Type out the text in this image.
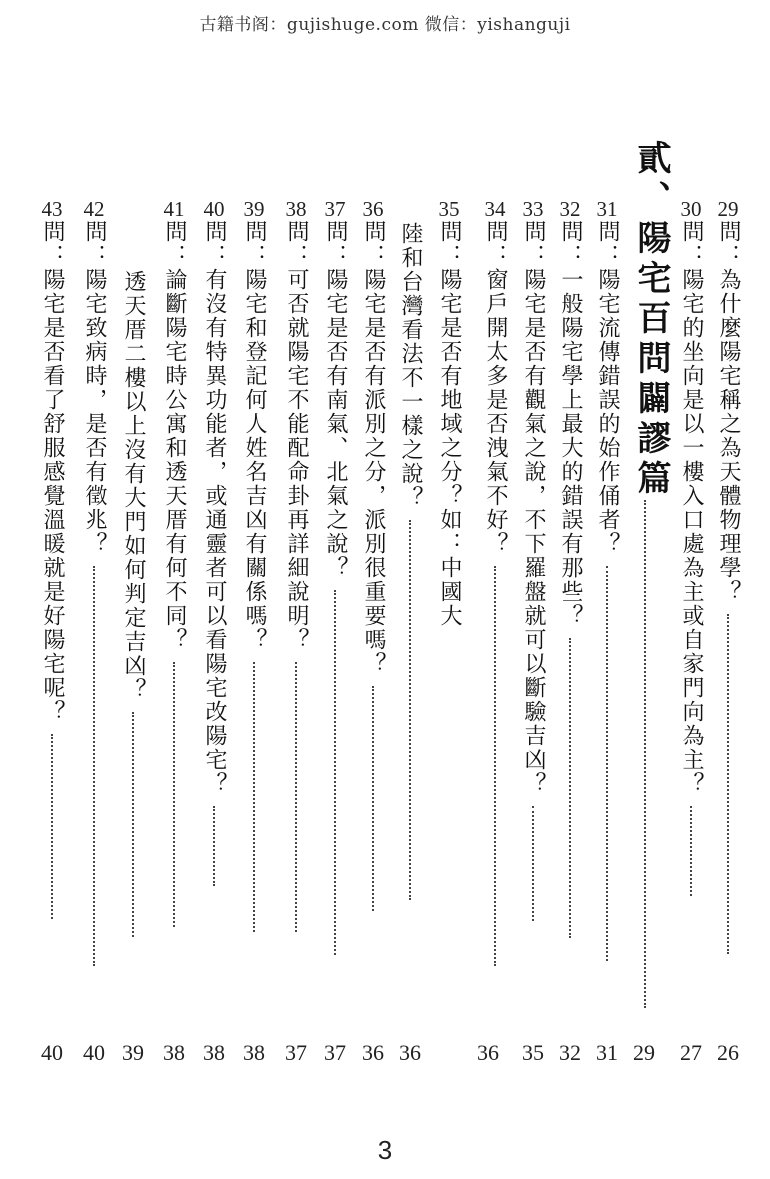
古籍书阁：gujishuge.com 微信：yishanguji
29
問：為什麼陽宅稱之為天體物理學？
30
問：陽宅的坐向是以一樓入口處為主或自家門向為主？
貳、陽宅百問闢謬篇
31
問：陽宅流傳錯誤的始作俑者？
32
問：一般陽宅學上最大的錯誤有那些？
33
問：陽宅是否有觀氣之說，不下羅盤就可以斷驗吉凶？
34
問：窗戶開太多是否洩氣不好？
35
問：陽宅是否有地域之分？如：中國大
陸和台灣看法不一樣之說？
36
問：陽宅是否有派別之分，派別很重要嗎？
37
問：陽宅是否有南氣、北氣之說？
38
問：可否就陽宅不能配命卦再詳細說明？
39
問：陽宅和登記何人姓名吉凶有關係嗎？
40
問：有沒有特異功能者，或通靈者可以看陽宅改陽宅？
41
問：論斷陽宅時公寓和透天厝有何不同？
透天厝二樓以上沒有大門如何判定吉凶？
42
問：陽宅致病時，是否有徵兆？
43
問：陽宅是否看了舒服感覺溫暖就是好陽宅呢？
26
27
29
31
32
35
36
36
36
37
37
38
38
38
39
40
40
3
